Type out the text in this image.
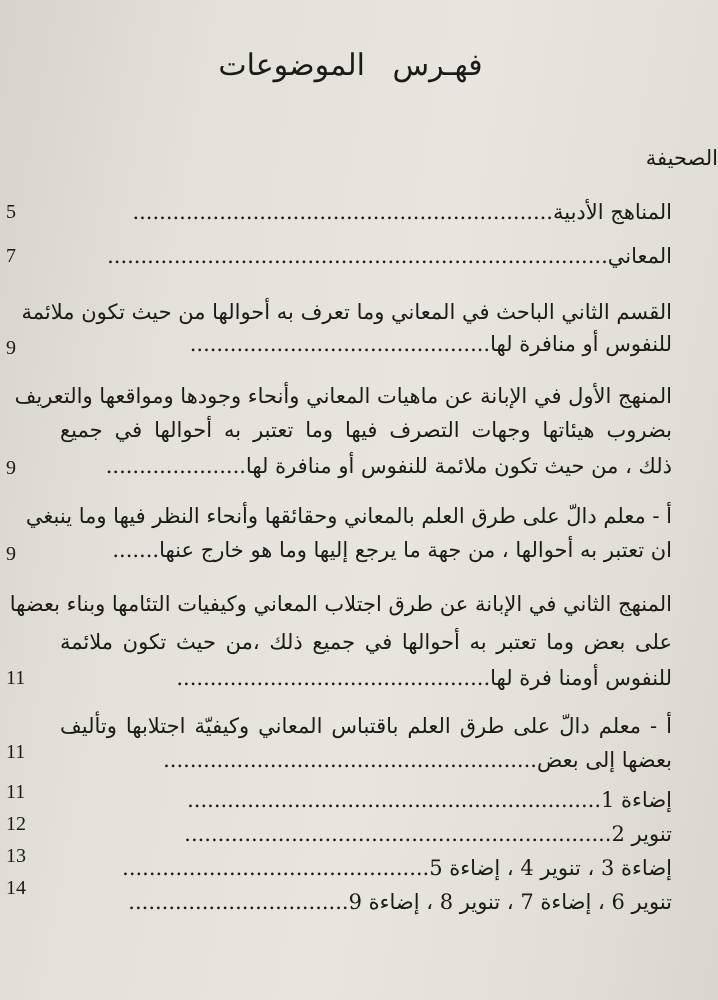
فهـرس الموضوعات
الصحيفة
المناهج الأدبية...............................................................
5
المعاني...........................................................................
7
القسم الثاني الباحث في المعاني وما تعرف به أحوالها من حيث تكون ملائمة
للنفوس أو منافرة لها.............................................
9
المنهج الأول في الإبانة عن ماهيات المعاني وأنحاء وجودها ومواقعها والتعريف
بضروب هيئاتها وجهات التصرف فيها وما تعتبر به أحوالها في جميع
ذلك ، من حيث تكون ملائمة للنفوس أو منافرة لها.....................
9
أ - معلم دالّ على طرق العلم بالمعاني وحقائقها وأنحاء النظر فيها وما ينبغي
ان تعتبر به أحوالها ، من جهة ما يرجع إليها وما هو خارج عنها.......
9
المنهج الثاني في الإبانة عن طرق اجتلاب المعاني وكيفيات التئامها وبناء بعضها
على بعض وما تعتبر به أحوالها في جميع ذلك ،من حيث تكون ملائمة
للنفوس أومنا فرة لها...............................................
11
أ - معلم دالّ على طرق العلم باقتباس المعاني وكيفيّة اجتلابها وتأليف
بعضها إلى بعض........................................................
11
إضاءة 1..............................................................
11
تنوير 2................................................................
12
إضاءة 3 ، تنوير 4 ، إضاءة 5..............................................
13
تنوير 6 ، إضاءة 7 ، تنوير 8 ، إضاءة 9.................................
14
